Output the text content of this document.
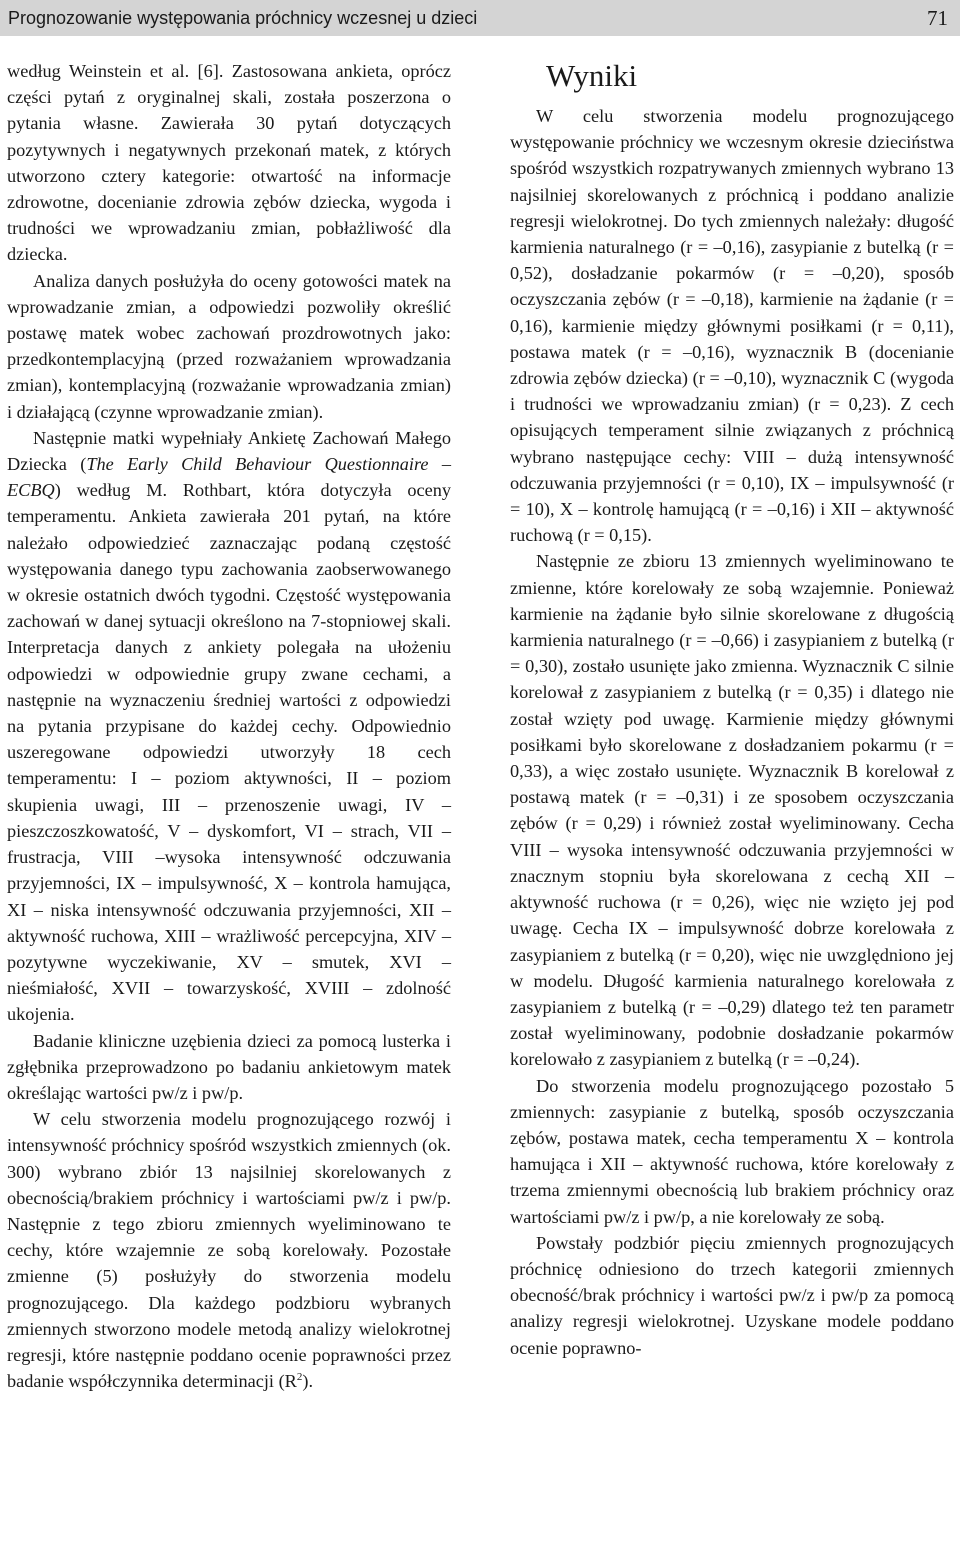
Prognozowanie występowania próchnicy wczesnej u dzieci	71

według Weinstein et al. [6]. Zastosowana ankieta, oprócz części pytań z oryginalnej skali, została poszerzona o pytania własne. Zawierała 30 pytań dotyczących pozytywnych i negatywnych przekonań matek, z których utworzono cztery kategorie: otwartość na informacje zdrowotne, docenianie zdrowia zębów dziecka, wygoda i trudności we wprowadzaniu zmian, pobłażliwość dla dziecka.

Analiza danych posłużyła do oceny gotowości matek na wprowadzanie zmian, a odpowiedzi pozwoliły określić postawę matek wobec zachowań prozdrowotnych jako: przedkontemplacyjną (przed rozważaniem wprowadzania zmian), kontemplacyjną (rozważanie wprowadzania zmian) i działającą (czynne wprowadzanie zmian).

Następnie matki wypełniały Ankietę Zachowań Małego Dziecka (The Early Child Behaviour Questionnaire – ECBQ) według M. Rothbart, która dotyczyła oceny temperamentu. Ankieta zawierała 201 pytań, na które należało odpowiedzieć zaznaczając podaną częstość występowania danego typu zachowania zaobserwowanego w okresie ostatnich dwóch tygodni. Częstość występowania zachowań w danej sytuacji określono na 7-stopniowej skali. Interpretacja danych z ankiety polegała na ułożeniu odpowiedzi w odpowiednie grupy zwane cechami, a następnie na wyznaczeniu średniej wartości z odpowiedzi na pytania przypisane do każdej cechy. Odpowiednio uszeregowane odpowiedzi utworzyły 18 cech temperamentu: I – poziom aktywności, II – poziom skupienia uwagi, III – przenoszenie uwagi, IV – pieszczoszkowatość, V – dyskomfort, VI – strach, VII – frustracja, VIII –wysoka intensywność odczuwania przyjemności, IX – impulsywność, X – kontrola hamująca, XI – niska intensywność odczuwania przyjemności, XII – aktywność ruchowa, XIII – wrażliwość percepcyjna, XIV – pozytywne wyczekiwanie, XV – smutek, XVI – nieśmiałość, XVII – towarzyskość, XVIII – zdolność ukojenia.

Badanie kliniczne uzębienia dzieci za pomocą lusterka i zgłębnika przeprowadzono po badaniu ankietowym matek określając wartości pw/z i pw/p.

W celu stworzenia modelu prognozującego rozwój i intensywność próchnicy spośród wszystkich zmiennych (ok. 300) wybrano zbiór 13 najsilniej skorelowanych z obecnością/brakiem próchnicy i wartościami pw/z i pw/p. Następnie z tego zbioru zmiennych wyeliminowano te cechy, które wzajemnie ze sobą korelowały. Pozostałe zmienne (5) posłużyły do stworzenia modelu prognozującego. Dla każdego podzbioru wybranych zmiennych stworzono modele metodą analizy wielokrotnej regresji, które następnie poddano ocenie poprawności przez badanie współczynnika determinacji $(R^2)$.

Wyniki

W celu stworzenia modelu prognozującego występowanie próchnicy we wczesnym okresie dzieciństwa spośród wszystkich rozpatrywanych zmiennych wybrano 13 najsilniej skorelowanych z próchnicą i poddano analizie regresji wielokrotnej. Do tych zmiennych należały: długość karmienia naturalnego (r = –0,16), zasypianie z butelką (r = 0,52), dosładzanie pokarmów (r = –0,20), sposób oczyszczania zębów (r = –0,18), karmienie na żądanie (r = 0,16), karmienie między głównymi posiłkami (r = 0,11), postawa matek (r = –0,16), wyznacznik B (docenianie zdrowia zębów dziecka) (r = –0,10), wyznacznik C (wygoda i trudności we wprowadzaniu zmian) (r = 0,23). Z cech opisujących temperament silnie związanych z próchnicą wybrano następujące cechy: VIII – dużą intensywność odczuwania przyjemności (r = 0,10), IX – impulsywność (r = 10), X – kontrolę hamującą (r = –0,16) i XII – aktywność ruchową (r = 0,15).

Następnie ze zbioru 13 zmiennych wyeliminowano te zmienne, które korelowały ze sobą wzajemnie. Ponieważ karmienie na żądanie było silnie skorelowane z długością karmienia naturalnego (r = –0,66) i zasypianiem z butelką (r = 0,30), zostało usunięte jako zmienna. Wyznacznik C silnie korelował z zasypianiem z butelką (r = 0,35) i dlatego nie został wzięty pod uwagę. Karmienie między głównymi posiłkami było skorelowane z dosładzaniem pokarmu (r = 0,33), a więc zostało usunięte. Wyznacznik B korelował z postawą matek (r = –0,31) i ze sposobem oczyszczania zębów (r = 0,29) i również został wyeliminowany. Cecha VIII – wysoka intensywność odczuwania przyjemności w znacznym stopniu była skorelowana z cechą XII – aktywność ruchowa (r = 0,26), więc nie wzięto jej pod uwagę. Cecha IX – impulsywność dobrze korelowała z zasypianiem z butelką (r = 0,20), więc nie uwzględniono jej w modelu. Długość karmienia naturalnego korelowała z zasypianiem z butelką (r = –0,29) dlatego też ten parametr został wyeliminowany, podobnie dosładzanie pokarmów korelowało z zasypianiem z butelką (r = –0,24).

Do stworzenia modelu prognozującego pozostało 5 zmiennych: zasypianie z butelką, sposób oczyszczania zębów, postawa matek, cecha temperamentu X – kontrola hamująca i XII – aktywność ruchowa, które korelowały z trzema zmiennymi obecnością lub brakiem próchnicy oraz wartościami pw/z i pw/p, a nie korelowały ze sobą.

Powstały podzbiór pięciu zmiennych prognozujących próchnicę odniesiono do trzech kategorii zmiennych obecność/brak próchnicy i wartości pw/z i pw/p za pomocą analizy regresji wielokrotnej. Uzyskane modele poddano ocenie poprawno-
